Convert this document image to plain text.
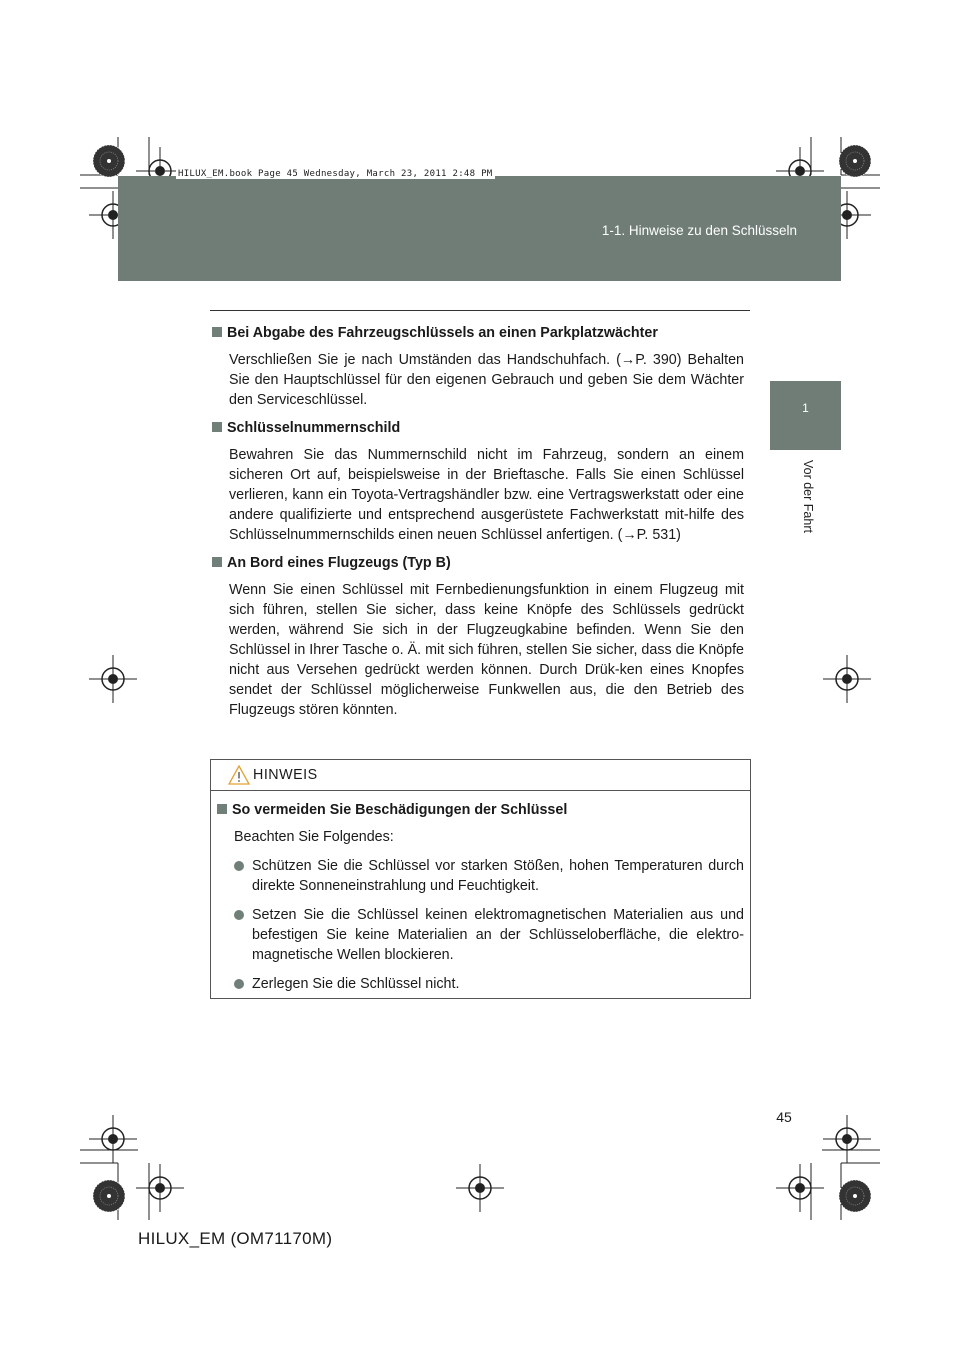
1-1. Hinweise zu den Schlüsseln
HILUX_EM.book Page 45 Wednesday, March 23, 2011 2:48 PM
1
Vor der Fahrt
Bei Abgabe des Fahrzeugschlüssels an einen Parkplatzwächter
Verschließen Sie je nach Umständen das Handschuhfach. (→P. 390) Behalten Sie den Hauptschlüssel für den eigenen Gebrauch und geben Sie dem Wächter den Serviceschlüssel.
Schlüsselnummernschild
Bewahren Sie das Nummernschild nicht im Fahrzeug, sondern an einem sicheren Ort auf, beispielsweise in der Brieftasche. Falls Sie einen Schlüssel verlieren, kann ein Toyota-Vertragshändler bzw. eine Vertragswerkstatt oder eine andere qualifizierte und entsprechend ausgerüstete Fachwerkstatt mit-hilfe des Schlüsselnummernschilds einen neuen Schlüssel anfertigen. (→P. 531)
An Bord eines Flugzeugs (Typ B)
Wenn Sie einen Schlüssel mit Fernbedienungsfunktion in einem Flugzeug mit sich führen, stellen Sie sicher, dass keine Knöpfe des Schlüssels gedrückt werden, während Sie sich in der Flugzeugkabine befinden. Wenn Sie den Schlüssel in Ihrer Tasche o. Ä. mit sich führen, stellen Sie sicher, dass die Knöpfe nicht aus Versehen gedrückt werden können. Durch Drük-ken eines Knopfes sendet der Schlüssel möglicherweise Funkwellen aus, die den Betrieb des Flugzeugs stören könnten.
HINWEIS
So vermeiden Sie Beschädigungen der Schlüssel
Beachten Sie Folgendes:
Schützen Sie die Schlüssel vor starken Stößen, hohen Temperaturen durch direkte Sonneneinstrahlung und Feuchtigkeit.
Setzen Sie die Schlüssel keinen elektromagnetischen Materialien aus und befestigen Sie keine Materialien an der Schlüsseloberfläche, die elektro-magnetische Wellen blockieren.
Zerlegen Sie die Schlüssel nicht.
45
HILUX_EM (OM71170M)
